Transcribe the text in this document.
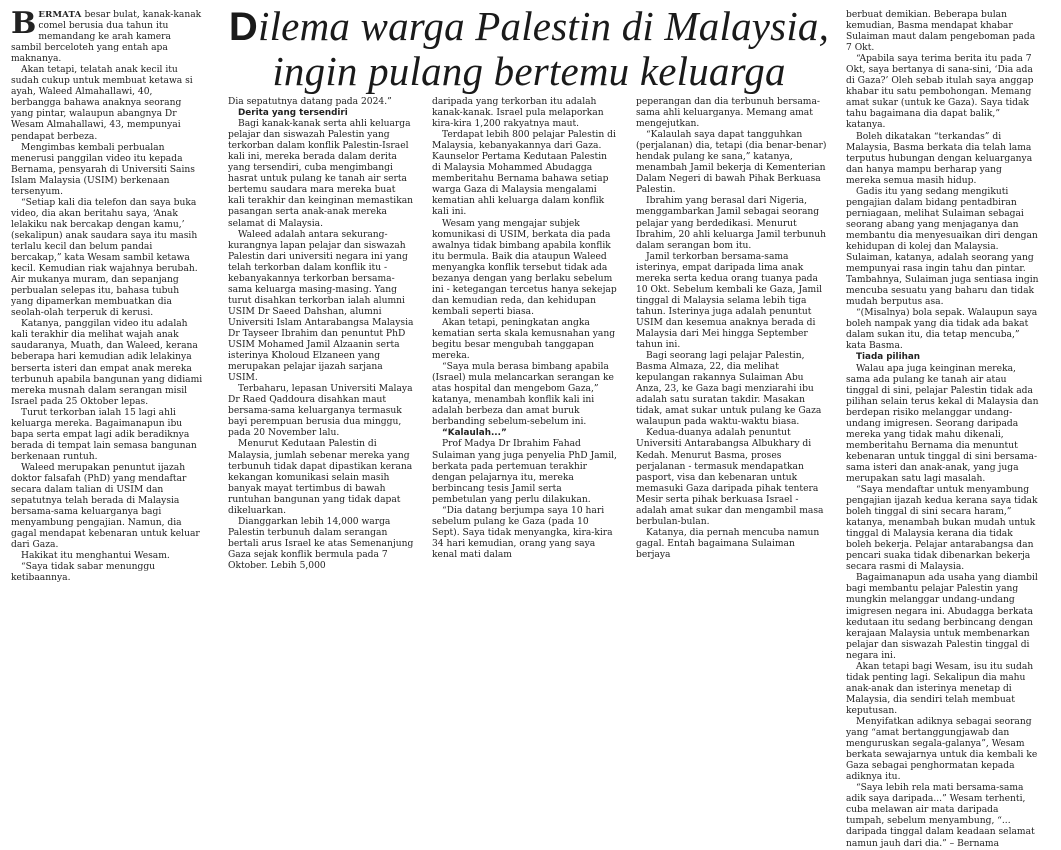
Dilema warga Palestin di Malaysia, ingin pulang bertemu keluarga

BERMATA besar bulat, kanak-kanak comel berusia dua tahun itu memandang ke arah kamera sambil berceloteh yang entah apa maknanya.

Akan tetapi, telatah anak kecil itu sudah cukup untuk membuat ketawa si ayah, Waleed Almahallawi, 40, berbangga bahawa anaknya seorang yang pintar, walaupun abangnya Dr Wesam Almahallawi, 43, mempunyai pendapat berbeza.

Mengimbas kembali perbualan menerusi panggilan video itu kepada Bernama, pensyarah di Universiti Sains Islam Malaysia (USIM) berkenaan tersenyum.

“Setiap kali dia telefon dan saya buka video, dia akan beritahu saya, ‘Anak lelakiku nak bercakap dengan kamu,’ (sekalipun) anak saudara saya itu masih terlalu kecil dan belum pandai bercakap,” kata Wesam sambil ketawa kecil. Kemudian riak wajahnya berubah. Air mukanya muram, dan sepanjang perbualan selepas itu, bahasa tubuh yang dipamerkan membuatkan dia seolah-olah terperuk di kerusi.

Katanya, panggilan video itu adalah kali terakhir dia melihat wajah anak saudaranya, Muath, dan Waleed, kerana beberapa hari kemudian adik lelakinya berserta isteri dan empat anak mereka terbunuh apabila bangunan yang didiami mereka musnah dalam serangan misil Israel pada 25 Oktober lepas.

Turut terkorban ialah 15 lagi ahli keluarga mereka. Bagaimanapun ibu bapa serta empat lagi adik beradiknya berada di tempat lain semasa bangunan berkenaan runtuh.

Waleed merupakan penuntut ijazah doktor falsafah (PhD) yang mendaftar secara dalam talian di USIM dan sepatutnya telah berada di Malaysia bersama-sama keluarganya bagi menyambung pengajian. Namun, dia gagal mendapat kebenaran untuk keluar dari Gaza.

Hakikat itu menghantui Wesam.

“Saya tidak sabar menunggu ketibaannya.

Dia sepatutnya datang pada 2024.”

Derita yang tersendiri

Bagi kanak-kanak serta ahli keluarga pelajar dan siswazah Palestin yang terkorban dalam konflik Palestin-Israel kali ini, mereka berada dalam derita yang tersendiri, cuba mengimbangi hasrat untuk pulang ke tanah air serta bertemu saudara mara mereka buat kali terakhir dan keinginan memastikan pasangan serta anak-anak mereka selamat di Malaysia.

Waleed adalah antara sekurang-kurangnya lapan pelajar dan siswazah Palestin dari universiti negara ini yang telah terkorban dalam konflik itu - kebanyakannya terkorban bersama-sama keluarga masing-masing. Yang turut disahkan terkorban ialah alumni USIM Dr Saeed Dahshan, alumni Universiti Islam Antarabangsa Malaysia Dr Tayseer Ibrahim dan penuntut PhD USIM Mohamed Jamil Alzaanin serta isterinya Kholoud Elzaneen yang merupakan pelajar ijazah sarjana USIM.

Terbaharu, lepasan Universiti Malaya Dr Raed Qaddoura disahkan maut bersama-sama keluarganya termasuk bayi perempuan berusia dua minggu, pada 20 November lalu.

Menurut Kedutaan Palestin di Malaysia, jumlah sebenar mereka yang terbunuh tidak dapat dipastikan kerana kekangan komunikasi selain masih banyak mayat tertimbus di bawah runtuhan bangunan yang tidak dapat dikeluarkan.

Dianggarkan lebih 14,000 warga Palestin terbunuh dalam serangan bertali arus Israel ke atas Semenanjung Gaza sejak konflik bermula pada 7 Oktober. Lebih 5,000

daripada yang terkorban itu adalah kanak-kanak. Israel pula melaporkan kira-kira 1,200 rakyatnya maut.

Terdapat lebih 800 pelajar Palestin di Malaysia, kebanyakannya dari Gaza. Kaunselor Pertama Kedutaan Palestin di Malaysia Mohammed Abudagga memberitahu Bernama bahawa setiap warga Gaza di Malaysia mengalami kematian ahli keluarga dalam konflik kali ini.

Wesam yang mengajar subjek komunikasi di USIM, berkata dia pada awalnya tidak bimbang apabila konflik itu bermula. Baik dia ataupun Waleed menyangka konflik tersebut tidak ada bezanya dengan yang berlaku sebelum ini - ketegangan tercetus hanya sekejap dan kemudian reda, dan kehidupan kembali seperti biasa.

Akan tetapi, peningkatan angka kematian serta skala kemusnahan yang begitu besar mengubah tanggapan mereka.

“Saya mula berasa bimbang apabila (Israel) mula melancarkan serangan ke atas hospital dan mengebom Gaza,” katanya, menambah konflik kali ini adalah berbeza dan amat buruk berbanding sebelum-sebelum ini.

“Kalaulah...”

Prof Madya Dr Ibrahim Fahad Sulaiman yang juga penyelia PhD Jamil, berkata pada pertemuan terakhir dengan pelajarnya itu, mereka berbincang tesis Jamil serta pembetulan yang perlu dilakukan.

“Dia datang berjumpa saya 10 hari sebelum pulang ke Gaza (pada 10 Sept). Saya tidak menyangka, kira-kira 34 hari kemudian, orang yang saya kenal mati dalam

peperangan dan dia terbunuh bersama-sama ahli keluarganya. Memang amat mengejutkan.

“Kalaulah saya dapat tangguhkan (perjalanan) dia, tetapi (dia benar-benar) hendak pulang ke sana,” katanya, menambah Jamil bekerja di Kementerian Dalam Negeri di bawah Pihak Berkuasa Palestin.

Ibrahim yang berasal dari Nigeria, menggambarkan Jamil sebagai seorang pelajar yang berdedikasi. Menurut Ibrahim, 20 ahli keluarga Jamil terbunuh dalam serangan bom itu.

Jamil terkorban bersama-sama isterinya, empat daripada lima anak mereka serta kedua orang tuanya pada 10 Okt. Sebelum kembali ke Gaza, Jamil tinggal di Malaysia selama lebih tiga tahun. Isterinya juga adalah penuntut USIM dan kesemua anaknya berada di Malaysia dari Mei hingga September tahun ini.

Bagi seorang lagi pelajar Palestin, Basma Almaza, 22, dia melihat kepulangan rakannya Sulaiman Abu Anza, 23, ke Gaza bagi menziarahi ibu adalah satu suratan takdir. Masakan tidak, amat sukar untuk pulang ke Gaza walaupun pada waktu-waktu biasa.

Kedua-duanya adalah penuntut Universiti Antarabangsa Albukhary di Kedah. Menurut Basma, proses perjalanan - termasuk mendapatkan pasport, visa dan kebenaran untuk memasuki Gaza daripada pihak tentera Mesir serta pihak berkuasa Israel - adalah amat sukar dan mengambil masa berbulan-bulan.

Katanya, dia pernah mencuba namun gagal. Entah bagaimana Sulaiman berjaya

berbuat demikian. Beberapa bulan kemudian, Basma mendapat khabar Sulaiman maut dalam pengeboman pada 7 Okt.

“Apabila saya terima berita itu pada 7 Okt, saya bertanya di sana-sini, ‘Dia ada di Gaza?’ Oleh sebab itulah saya anggap khabar itu satu pembohongan. Memang amat sukar (untuk ke Gaza). Saya tidak tahu bagaimana dia dapat balik,” katanya.

Boleh dikatakan “terkandas” di Malaysia, Basma berkata dia telah lama terputus hubungan dengan keluarganya dan hanya mampu berharap yang mereka semua masih hidup.

Gadis itu yang sedang mengikuti pengajian dalam bidang pentadbiran perniagaan, melihat Sulaiman sebagai seorang abang yang menjaganya dan membantu dia menyesuaikan diri dengan kehidupan di kolej dan Malaysia. Sulaiman, katanya, adalah seorang yang mempunyai rasa ingin tahu dan pintar. Tambahnya, Sulaiman juga sentiasa ingin mencuba sesuatu yang baharu dan tidak mudah berputus asa.

“(Misalnya) bola sepak. Walaupun saya boleh nampak yang dia tidak ada bakat dalam sukan itu, dia tetap mencuba,” kata Basma.

Tiada pilihan

Walau apa juga keinginan mereka, sama ada pulang ke tanah air atau tinggal di sini, pelajar Palestin tidak ada pilihan selain terus kekal di Malaysia dan berdepan risiko melanggar undang-undang imigresen. Seorang daripada mereka yang tidak mahu dikenali, memberitahu Bernama dia menuntut kebenaran untuk tinggal di sini bersama-sama isteri dan anak-anak, yang juga merupakan satu lagi masalah.

“Saya mendaftar untuk menyambung pengajian ijazah kedua kerana saya tidak boleh tinggal di sini secara haram,” katanya, menambah bukan mudah untuk tinggal di Malaysia kerana dia tidak boleh bekerja. Pelajar antarabangsa dan pencari suaka tidak dibenarkan bekerja secara rasmi di Malaysia.

Bagaimanapun ada usaha yang diambil bagi membantu pelajar Palestin yang mungkin melanggar undang-undang imigresen negara ini. Abudagga berkata kedutaan itu sedang berbincang dengan kerajaan Malaysia untuk membenarkan pelajar dan siswazah Palestin tinggal di negara ini.

Akan tetapi bagi Wesam, isu itu sudah tidak penting lagi. Sekalipun dia mahu anak-anak dan isterinya menetap di Malaysia, dia sendiri telah membuat keputusan.

Menyifatkan adiknya sebagai seorang yang “amat bertanggungjawab dan menguruskan segala-galanya”, Wesam berkata sewajarnya untuk dia kembali ke Gaza sebagai penghormatan kepada adiknya itu.

“Saya lebih rela mati bersama-sama adik saya daripada...” Wesam terhenti, cuba melawan air mata daripada tumpah, sebelum menyambung, “... daripada tinggal dalam keadaan selamat namun jauh dari dia.” – Bernama
